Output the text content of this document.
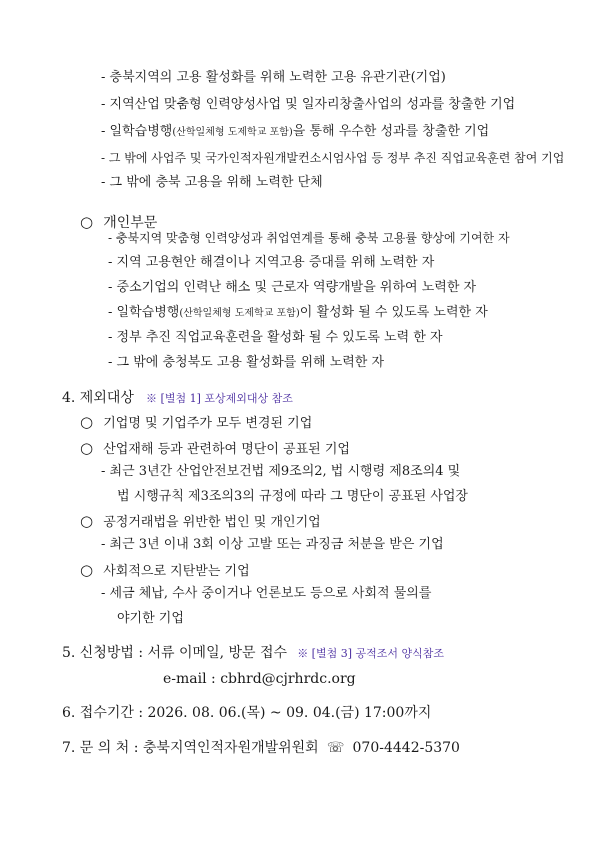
- 충북지역의 고용 활성화를 위해 노력한 고용 유관기관(기업)
- 지역산업 맞춤형 인력양성사업 및 일자리창출사업의 성과를 창출한 기업
- 일학습병행(산학일체형 도제학교 포함)을 통해 우수한 성과를 창출한 기업
- 그 밖에 사업주 및 국가인적자원개발컨소시엄사업 등 정부 추진 직업교육훈련 참여 기업
- 그 밖에 충북 고용을 위해 노력한 단체
○ 개인부문
- 충북지역 맞춤형 인력양성과 취업연계를 통해 충북 고용률 향상에 기여한 자
- 지역 고용현안 해결이나 지역고용 증대를 위해 노력한 자
- 중소기업의 인력난 해소 및 근로자 역량개발을 위하여 노력한 자
- 일학습병행(산학일체형 도제학교 포함)이 활성화 될 수 있도록 노력한 자
- 정부 추진 직업교육훈련을 활성화 될 수 있도록 노력 한 자
- 그 밖에 충청북도 고용 활성화를 위해 노력한 자
4. 제외대상 ※ [별첨 1] 포상제외대상 참조
○ 기업명 및 기업주가 모두 변경된 기업
○ 산업재해 등과 관련하여 명단이 공표된 기업
- 최근 3년간 산업안전보건법 제9조의2, 법 시행령 제8조의4 및
법 시행규칙 제3조의3의 규정에 따라 그 명단이 공표된 사업장
○ 공정거래법을 위반한 법인 및 개인기업
- 최근 3년 이내 3회 이상 고발 또는 과징금 처분을 받은 기업
○ 사회적으로 지탄받는 기업
- 세금 체납, 수사 중이거나 언론보도 등으로 사회적 물의를
야기한 기업
5. 신청방법 : 서류 이메일, 방문 접수 ※ [별첨 3] 공적조서 양식참조
e-mail : cbhrd@cjrhrdc.org
6. 접수기간 : 2026. 08. 06.(목) ~ 09. 04.(금) 17:00까지
7. 문 의 처 : 충북지역인적자원개발위원회 ☏ 070-4442-5370
